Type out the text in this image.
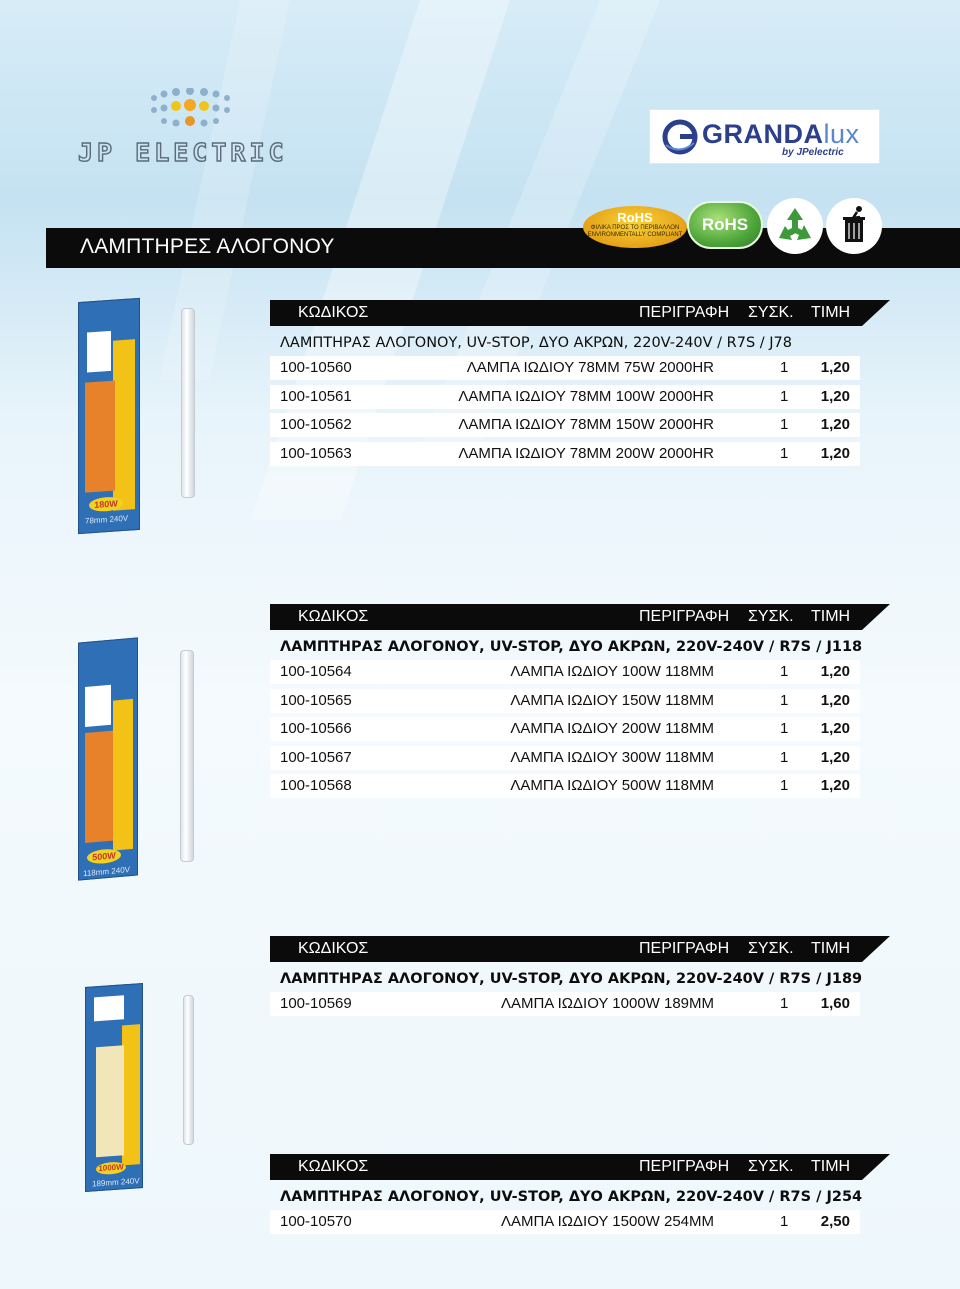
JP ELECTRIC
GRANDAlux
by JPelectric
ΛΑΜΠΤΗΡΕΣ ΑΛΟΓΟΝΟΥ
RoHS
ΦΙΛΙΚΑ ΠΡΟΣ ΤΟ ΠΕΡΙΒΑΛΛΟΝ
ENVIRONMENTALLY COMPLIANT
RoHS
180W
78mm 240V
500W
118mm 240V
1000W
189mm 240V
ΚΩΔΙΚΟΣ	ΠΕΡΙΓΡΑΦΗ ΣΥΣΚ. ΤΙΜΗ
ΛΑΜΠΤΗΡΑΣ ΑΛΟΓΟΝΟΥ, UV-STOP, ΔΥΟ ΑΚΡΩΝ, 220V-240V / R7S / J78
100-10560	ΛΑΜΠΑ ΙΩΔΙΟΥ 78ΜΜ 75W 2000HR	1 1,20
100-10561	ΛΑΜΠΑ ΙΩΔΙΟΥ 78ΜΜ 100W 2000HR	1 1,20
100-10562	ΛΑΜΠΑ ΙΩΔΙΟΥ 78ΜΜ 150W 2000HR	1 1,20
100-10563	ΛΑΜΠΑ ΙΩΔΙΟΥ 78ΜΜ 200W 2000HR	1 1,20
ΚΩΔΙΚΟΣ	ΠΕΡΙΓΡΑΦΗ ΣΥΣΚ. ΤΙΜΗ
ΛΑΜΠΤΗΡΑΣ ΑΛΟΓΟΝΟΥ, UV-STOP, ΔΥΟ ΑΚΡΩΝ, 220V-240V / R7S / J118
100-10564	ΛΑΜΠΑ ΙΩΔΙΟΥ 100W 118ΜΜ	1 1,20
100-10565	ΛΑΜΠΑ ΙΩΔΙΟΥ 150W 118ΜΜ	1 1,20
100-10566	ΛΑΜΠΑ ΙΩΔΙΟΥ 200W 118ΜΜ	1 1,20
100-10567	ΛΑΜΠΑ ΙΩΔΙΟΥ 300W 118ΜΜ	1 1,20
100-10568	ΛΑΜΠΑ ΙΩΔΙΟΥ 500W 118ΜΜ	1 1,20
ΚΩΔΙΚΟΣ	ΠΕΡΙΓΡΑΦΗ ΣΥΣΚ. ΤΙΜΗ
ΛΑΜΠΤΗΡΑΣ ΑΛΟΓΟΝΟΥ, UV-STOP, ΔΥΟ ΑΚΡΩΝ, 220V-240V / R7S / J189
100-10569	ΛΑΜΠΑ ΙΩΔΙΟΥ 1000W 189ΜΜ	1 1,60
ΚΩΔΙΚΟΣ	ΠΕΡΙΓΡΑΦΗ ΣΥΣΚ. ΤΙΜΗ
ΛΑΜΠΤΗΡΑΣ ΑΛΟΓΟΝΟΥ, UV-STOP, ΔΥΟ ΑΚΡΩΝ, 220V-240V / R7S / J254
100-10570	ΛΑΜΠΑ ΙΩΔΙΟΥ 1500W 254ΜΜ	1 2,50
